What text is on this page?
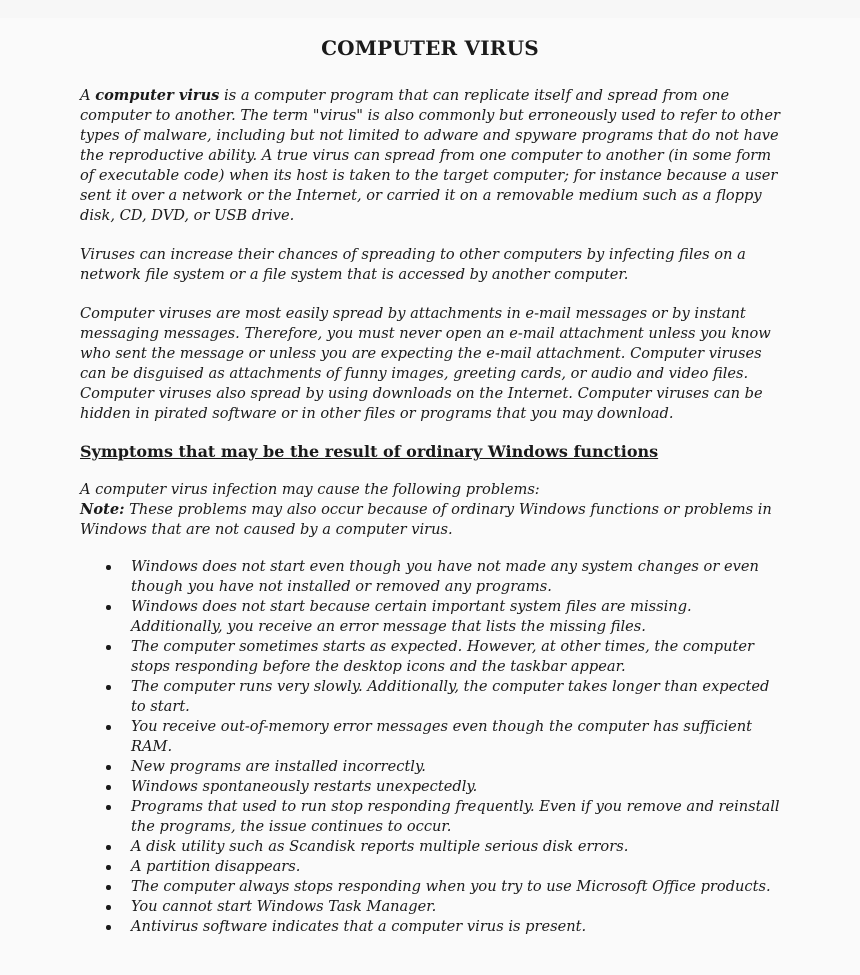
COMPUTER VIRUS

A computer virus is a computer program that can replicate itself and spread from one computer to another. The term "virus" is also commonly but erroneously used to refer to other types of malware, including but not limited to adware and spyware programs that do not have the reproductive ability. A true virus can spread from one computer to another (in some form of executable code) when its host is taken to the target computer; for instance because a user sent it over a network or the Internet, or carried it on a removable medium such as a floppy disk, CD, DVD, or USB drive.

Viruses can increase their chances of spreading to other computers by infecting files on a network file system or a file system that is accessed by another computer.

Computer viruses are most easily spread by attachments in e-mail messages or by instant messaging messages. Therefore, you must never open an e-mail attachment unless you know who sent the message or unless you are expecting the e-mail attachment. Computer viruses can be disguised as attachments of funny images, greeting cards, or audio and video files. Computer viruses also spread by using downloads on the Internet. Computer viruses can be hidden in pirated software or in other files or programs that you may download.

Symptoms that may be the result of ordinary Windows functions

A computer virus infection may cause the following problems:

Note: These problems may also occur because of ordinary Windows functions or problems in Windows that are not caused by a computer virus.

Windows does not start even though you have not made any system changes or even though you have not installed or removed any programs.
Windows does not start because certain important system files are missing. Additionally, you receive an error message that lists the missing files.
The computer sometimes starts as expected. However, at other times, the computer stops responding before the desktop icons and the taskbar appear.
The computer runs very slowly. Additionally, the computer takes longer than expected to start.
You receive out-of-memory error messages even though the computer has sufficient RAM.
New programs are installed incorrectly.
Windows spontaneously restarts unexpectedly.
Programs that used to run stop responding frequently. Even if you remove and reinstall the programs, the issue continues to occur.
A disk utility such as Scandisk reports multiple serious disk errors.
A partition disappears.
The computer always stops responding when you try to use Microsoft Office products.
You cannot start Windows Task Manager.
Antivirus software indicates that a computer virus is present.
